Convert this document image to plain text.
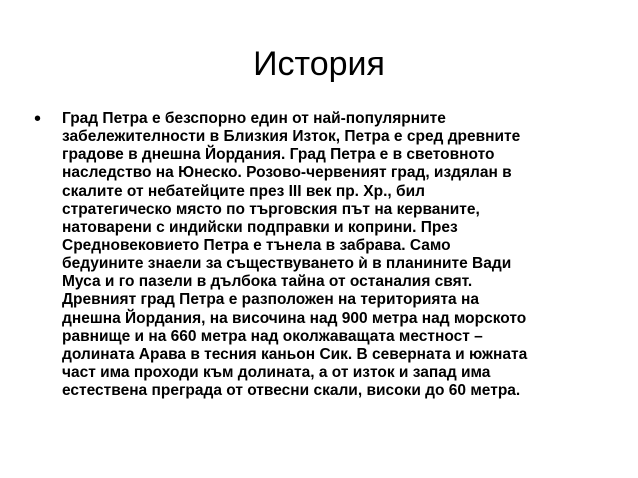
История
• Град Петра е безспорно един от най-популярните
забележителности в Близкия Изток, Петра е сред древните
градове в днешна Йордания. Град Петра е в световното
наследство на Юнеско. Розово-червеният град, издялан в
скалите от небатейците през III век пр. Хр., бил
стратегическо място по търговския път на керваните,
натоварени с индийски подправки и коприни. През
Средновековието Петра е тънела в забрава. Само
бедуините знаели за съществуването ѝ в планините Вади
Муса и го пазели в дълбока тайна от останалия свят.
Древният град Петра е разположен на територията на
днешна Йордания, на височина над 900 метра над морското
равнище и на 660 метра над околжаващата местност –
долината Арава в тесния каньон Сик. В северната и южната
част има проходи към долината, а от изток и запад има
естествена преграда от отвесни скали, високи до 60 метра.
